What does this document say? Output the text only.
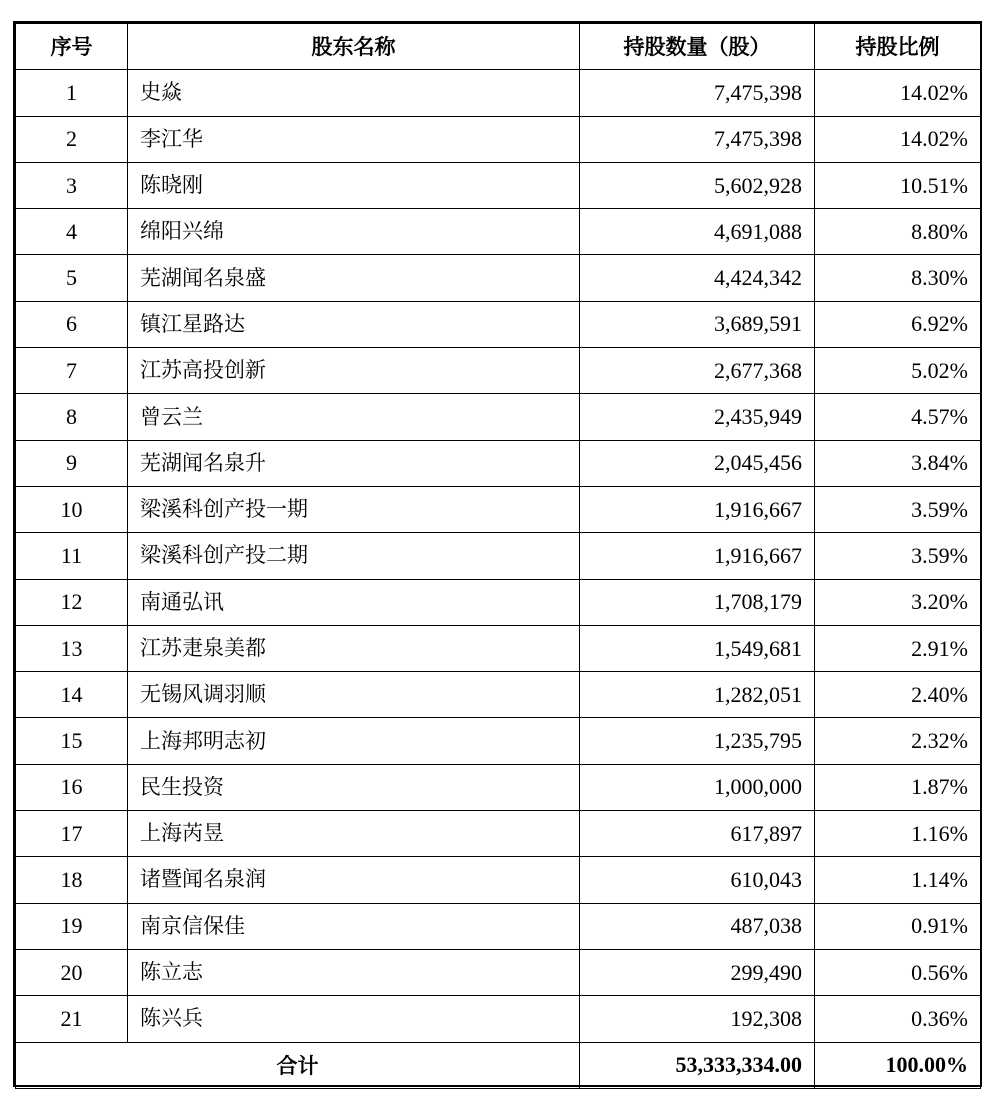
序号	股东名称	持股数量（股）	持股比例
1	史焱	7,475,398	14.02%
2	李江华	7,475,398	14.02%
3	陈晓刚	5,602,928	10.51%
4	绵阳兴绵	4,691,088	8.80%
5	芜湖闻名泉盛	4,424,342	8.30%
6	镇江星路达	3,689,591	6.92%
7	江苏高投创新	2,677,368	5.02%
8	曾云兰	2,435,949	4.57%
9	芜湖闻名泉升	2,045,456	3.84%
10	梁溪科创产投一期	1,916,667	3.59%
11	梁溪科创产投二期	1,916,667	3.59%
12	南通弘讯	1,708,179	3.20%
13	江苏疌泉美都	1,549,681	2.91%
14	无锡风调羽顺	1,282,051	2.40%
15	上海邦明志初	1,235,795	2.32%
16	民生投资	1,000,000	1.87%
17	上海芮昱	617,897	1.16%
18	诸暨闻名泉润	610,043	1.14%
19	南京信保佳	487,038	0.91%
20	陈立志	299,490	0.56%
21	陈兴兵	192,308	0.36%
合计		53,333,334.00	100.00%
